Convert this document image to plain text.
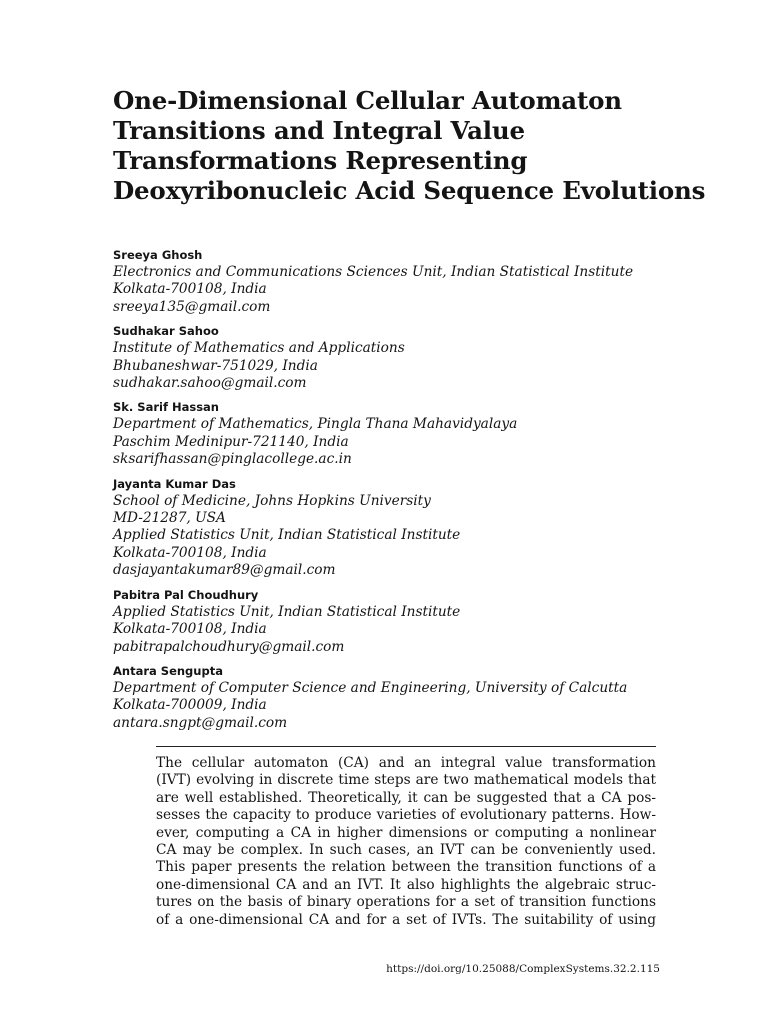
One-Dimensional Cellular Automaton
Transitions and Integral Value
Transformations Representing
Deoxyribonucleic Acid Sequence Evolutions
Sreeya Ghosh
Electronics and Communications Sciences Unit, Indian Statistical Institute
Kolkata-700108, India
sreeya135@gmail.com
Sudhakar Sahoo
Institute of Mathematics and Applications
Bhubaneshwar-751029, India
sudhakar.sahoo@gmail.com
Sk. Sarif Hassan
Department of Mathematics, Pingla Thana Mahavidyalaya
Paschim Medinipur-721140, India
sksarifhassan@pinglacollege.ac.in
Jayanta Kumar Das
School of Medicine, Johns Hopkins University
MD-21287, USA
Applied Statistics Unit, Indian Statistical Institute
Kolkata-700108, India
dasjayantakumar89@gmail.com
Pabitra Pal Choudhury
Applied Statistics Unit, Indian Statistical Institute
Kolkata-700108, India
pabitrapalchoudhury@gmail.com
Antara Sengupta
Department of Computer Science and Engineering, University of Calcutta
Kolkata-700009, India
antara.sngpt@gmail.com
The cellular automaton (CA) and an integral value transformation
(IVT) evolving in discrete time steps are two mathematical models that
are well established. Theoretically, it can be suggested that a CA pos-
sesses the capacity to produce varieties of evolutionary patterns. How-
ever, computing a CA in higher dimensions or computing a nonlinear
CA may be complex. In such cases, an IVT can be conveniently used.
This paper presents the relation between the transition functions of a
one-dimensional CA and an IVT. It also highlights the algebraic struc-
tures on the basis of binary operations for a set of transition functions
of a one-dimensional CA and for a set of IVTs. The suitability of using
https://doi.org/10.25088/ComplexSystems.32.2.115
